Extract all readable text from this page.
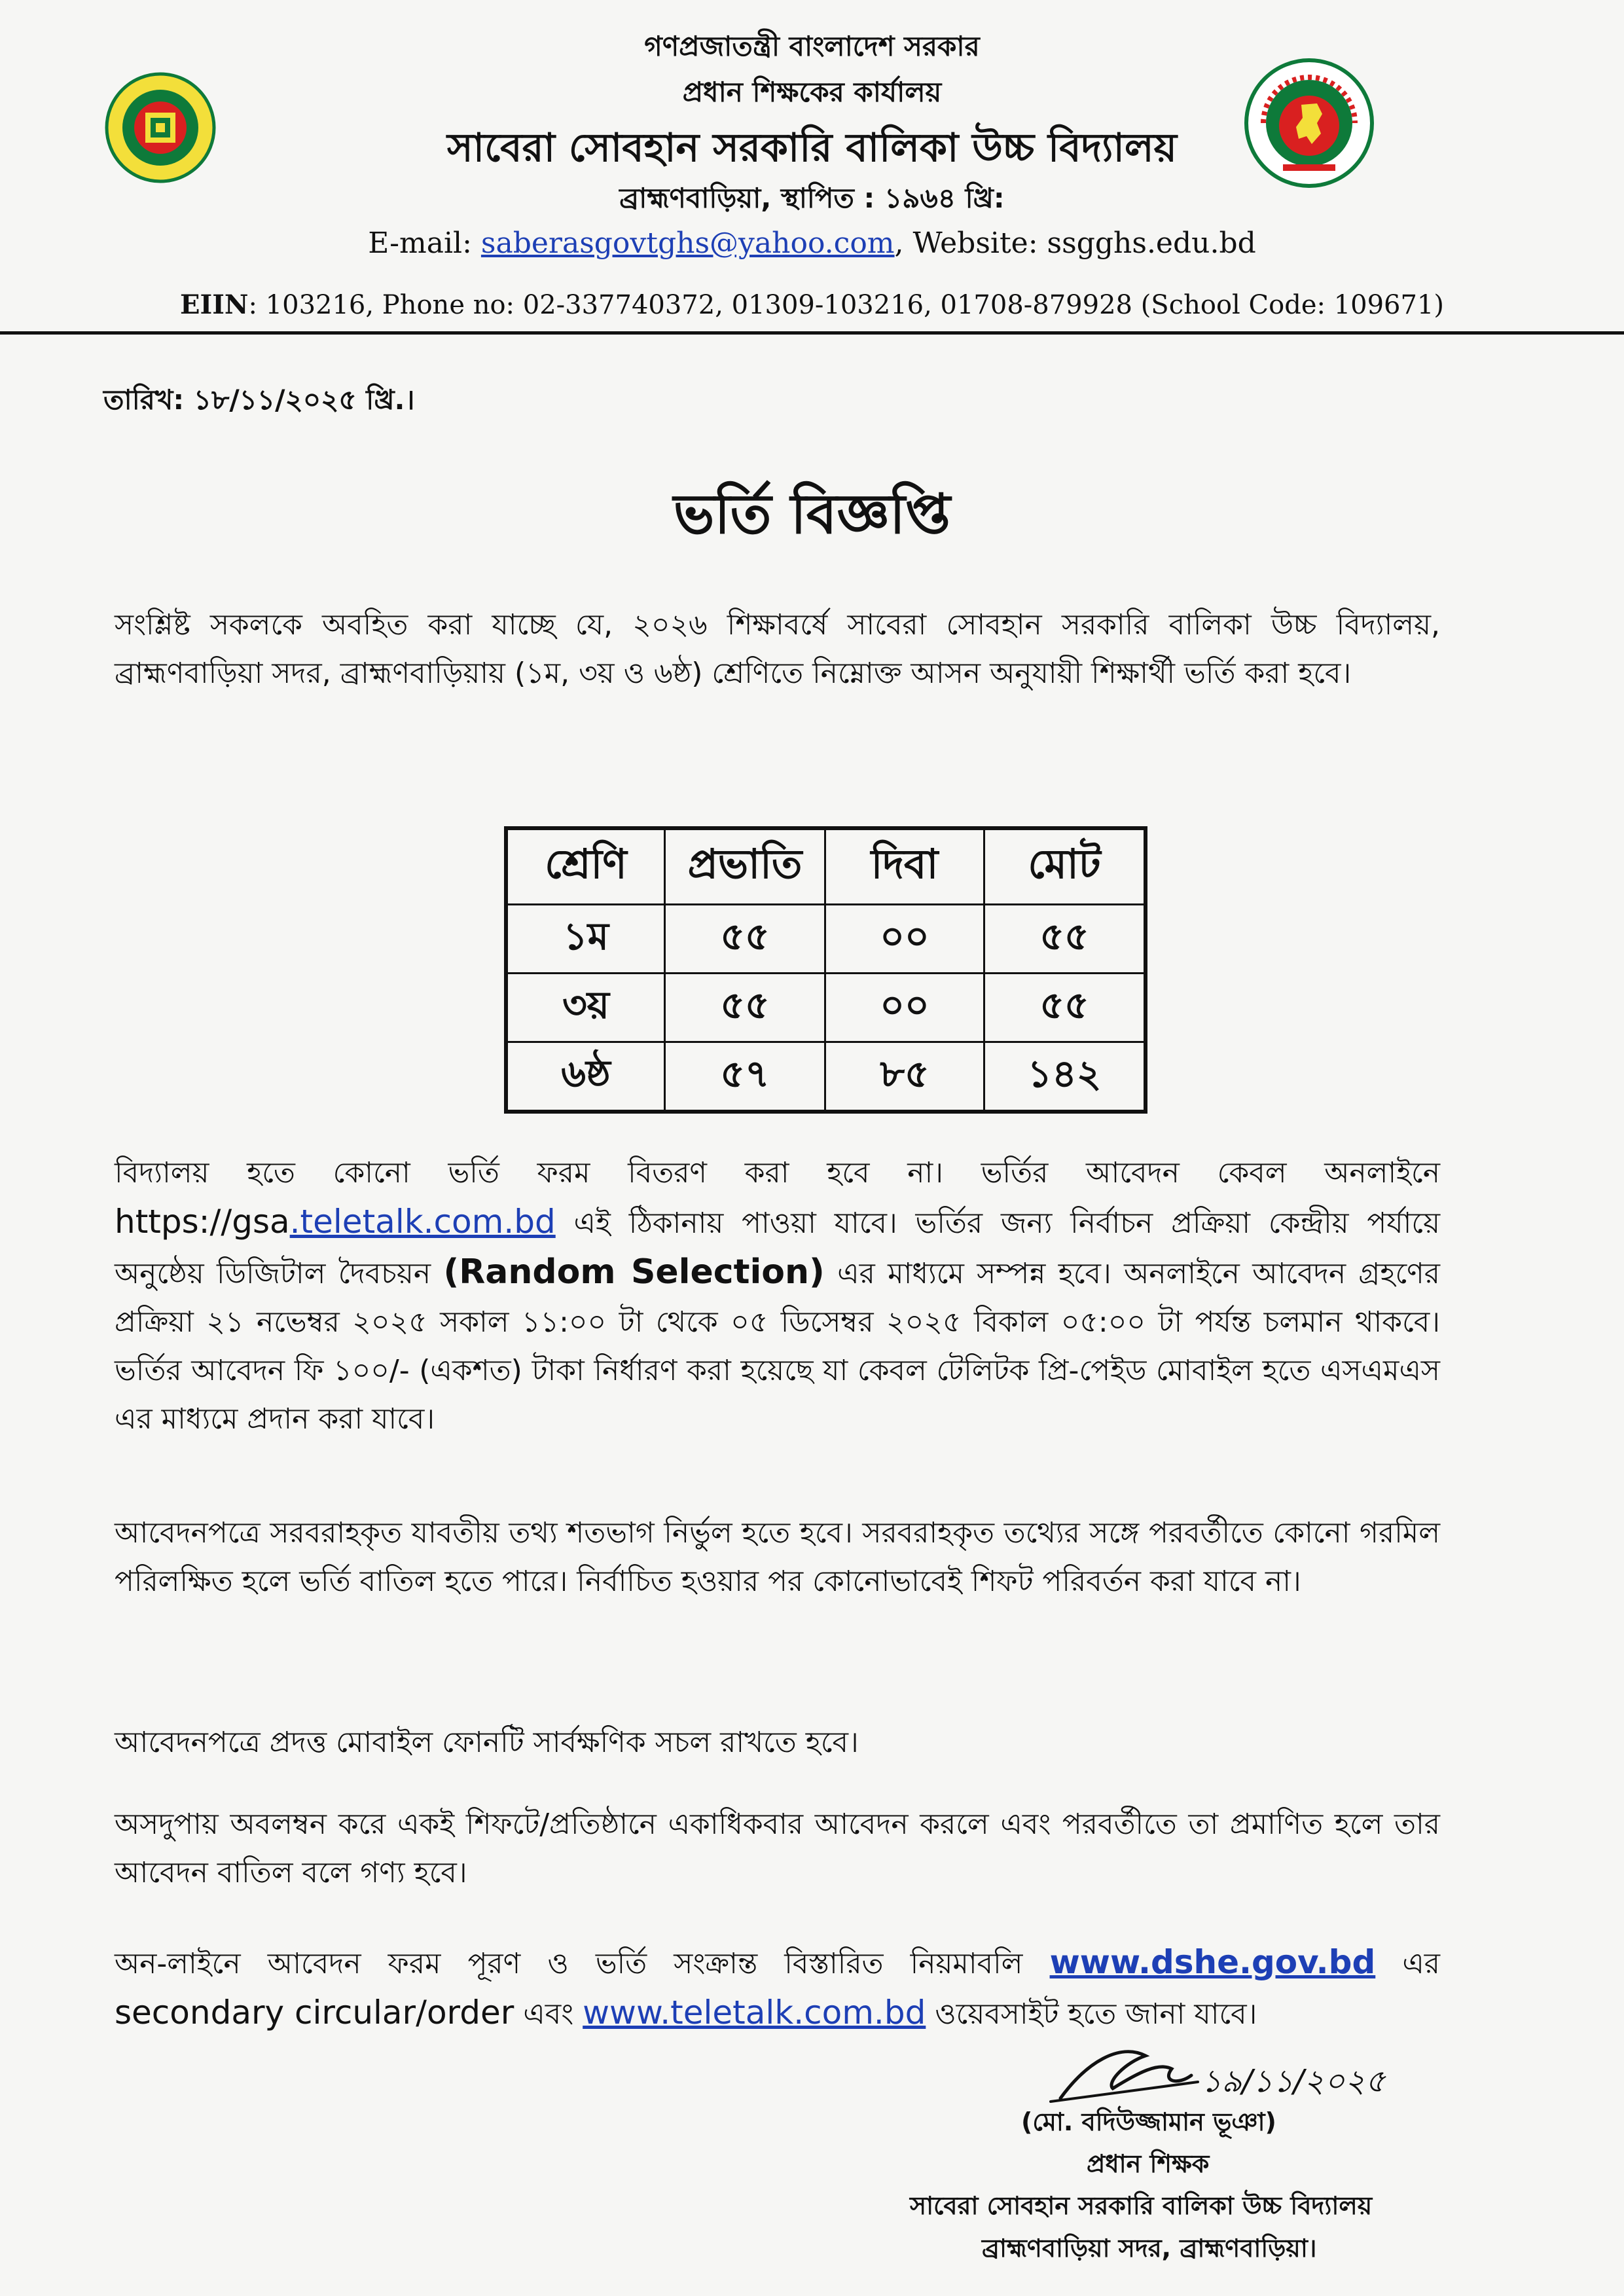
গণপ্রজাতন্ত্রী বাংলাদেশ সরকার
প্রধান শিক্ষকের কার্যালয়
সাবেরা সোবহান সরকারি বালিকা উচ্চ বিদ্যালয়
ব্রাহ্মণবাড়িয়া, স্থাপিত : ১৯৬৪ খ্রি:
E-mail: saberasgovtghs@yahoo.com, Website: ssgghs.edu.bd
EIIN: 103216, Phone no: 02-337740372, 01309-103216, 01708-879928 (School Code: 109671)
তারিখ: ১৮/১১/২০২৫ খ্রি.।
ভর্তি বিজ্ঞপ্তি
সংশ্লিষ্ট সকলকে অবহিত করা যাচ্ছে যে, ২০২৬ শিক্ষাবর্ষে সাবেরা সোবহান সরকারি বালিকা উচ্চ বিদ্যালয়, ব্রাহ্মণবাড়িয়া সদর, ব্রাহ্মণবাড়িয়ায় (১ম, ৩য় ও ৬ষ্ঠ) শ্রেণিতে নিম্নোক্ত আসন অনুযায়ী শিক্ষার্থী ভর্তি করা হবে।
শ্রেণি	প্রভাতি	দিবা	মোট
১ম	৫৫	০০	৫৫
৩য়	৫৫	০০	৫৫
৬ষ্ঠ	৫৭	৮৫	১৪২
বিদ্যালয় হতে কোনো ভর্তি ফরম বিতরণ করা হবে না। ভর্তির আবেদন কেবল অনলাইনে https://gsa.teletalk.com.bd এই ঠিকানায় পাওয়া যাবে। ভর্তির জন্য নির্বাচন প্রক্রিয়া কেন্দ্রীয় পর্যায়ে অনুষ্ঠেয় ডিজিটাল দৈবচয়ন (Random Selection) এর মাধ্যমে সম্পন্ন হবে। অনলাইনে আবেদন গ্রহণের প্রক্রিয়া ২১ নভেম্বর ২০২৫ সকাল ১১:০০ টা থেকে ০৫ ডিসেম্বর ২০২৫ বিকাল ০৫:০০ টা পর্যন্ত চলমান থাকবে। ভর্তির আবেদন ফি ১০০/- (একশত) টাকা নির্ধারণ করা হয়েছে যা কেবল টেলিটক প্রি-পেইড মোবাইল হতে এসএমএস এর মাধ্যমে প্রদান করা যাবে।
আবেদনপত্রে সরবরাহকৃত যাবতীয় তথ্য শতভাগ নির্ভুল হতে হবে। সরবরাহকৃত তথ্যের সঙ্গে পরবর্তীতে কোনো গরমিল পরিলক্ষিত হলে ভর্তি বাতিল হতে পারে। নির্বাচিত হওয়ার পর কোনোভাবেই শিফট পরিবর্তন করা যাবে না।
আবেদনপত্রে প্রদত্ত মোবাইল ফোনটি সার্বক্ষণিক সচল রাখতে হবে।
অসদুপায় অবলম্বন করে একই শিফটে/প্রতিষ্ঠানে একাধিকবার আবেদন করলে এবং পরবর্তীতে তা প্রমাণিত হলে তার আবেদন বাতিল বলে গণ্য হবে।
অন-লাইনে আবেদন ফরম পূরণ ও ভর্তি সংক্রান্ত বিস্তারিত নিয়মাবলি www.dshe.gov.bd এর secondary circular/order এবং www.teletalk.com.bd ওয়েবসাইট হতে জানা যাবে।
১৯/১১/২০২৫
(মো. বদিউজ্জামান ভূঞা)
প্রধান শিক্ষক
সাবেরা সোবহান সরকারি বালিকা উচ্চ বিদ্যালয়
ব্রাহ্মণবাড়িয়া সদর, ব্রাহ্মণবাড়িয়া।
